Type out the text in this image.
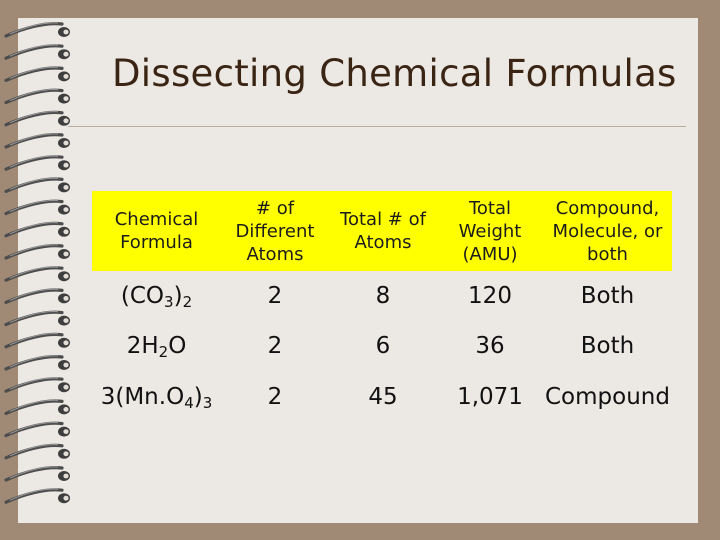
Dissecting Chemical Formulas
Chemical Formula	# of Different Atoms	Total # of Atoms	Total Weight (AMU)	Compound, Molecule, or both
$(CO_3)_2$	2	8	120	Both
$2H_2O$	2	6	36	Both
$3(Mn.O_4)_3$	2	45	1,071	Compound
